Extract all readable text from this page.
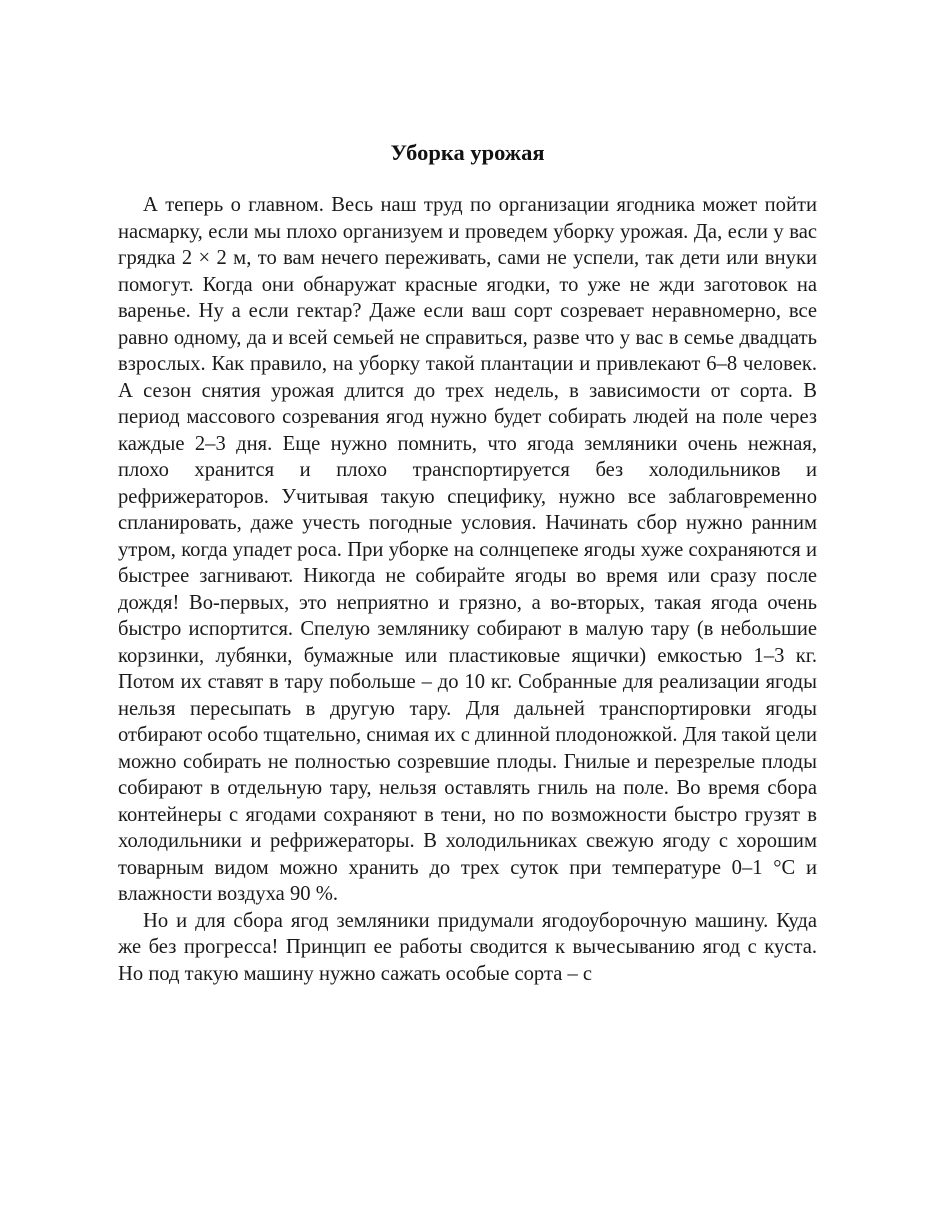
Уборка урожая

А теперь о главном. Весь наш труд по организации ягодника может пойти насмарку, если мы плохо организуем и проведем уборку урожая. Да, если у вас грядка 2 × 2 м, то вам нечего переживать, сами не успели, так дети или внуки помогут. Когда они обнаружат красные ягодки, то уже не жди заготовок на варенье. Ну а если гектар? Даже если ваш сорт созревает неравномерно, все равно одному, да и всей семьей не справиться, разве что у вас в семье двадцать взрослых. Как правило, на уборку такой плантации и привлекают 6–8 человек. А сезон снятия урожая длится до трех недель, в зависимости от сорта. В период массового созревания ягод нужно будет собирать людей на поле через каждые 2–3 дня. Еще нужно помнить, что ягода земляники очень нежная, плохо хранится и плохо транспортируется без холодильников и рефрижераторов. Учитывая такую специфику, нужно все заблаговременно спланировать, даже учесть погодные условия. Начинать сбор нужно ранним утром, когда упадет роса. При уборке на солнцепеке ягоды хуже сохраняются и быстрее загнивают. Никогда не собирайте ягоды во время или сразу после дождя! Во-первых, это неприятно и грязно, а во-вторых, такая ягода очень быстро испортится. Спелую землянику собирают в малую тару (в небольшие корзинки, лубянки, бумажные или пластиковые ящички) емкостью 1–3 кг. Потом их ставят в тару побольше – до 10 кг. Собранные для реализации ягоды нельзя пересыпать в другую тару. Для дальней транспортировки ягоды отбирают особо тщательно, снимая их с длинной плодоножкой. Для такой цели можно собирать не полностью созревшие плоды. Гнилые и перезрелые плоды собирают в отдельную тару, нельзя оставлять гниль на поле. Во время сбора контейнеры с ягодами сохраняют в тени, но по возможности быстро грузят в холодильники и рефрижераторы. В холодильниках свежую ягоду с хорошим товарным видом можно хранить до трех суток при температуре 0–1 °С и влажности воздуха 90 %.

Но и для сбора ягод земляники придумали ягодоуборочную машину. Куда же без прогресса! Принцип ее работы сводится к вычесыванию ягод с куста. Но под такую машину нужно сажать особые сорта – с
